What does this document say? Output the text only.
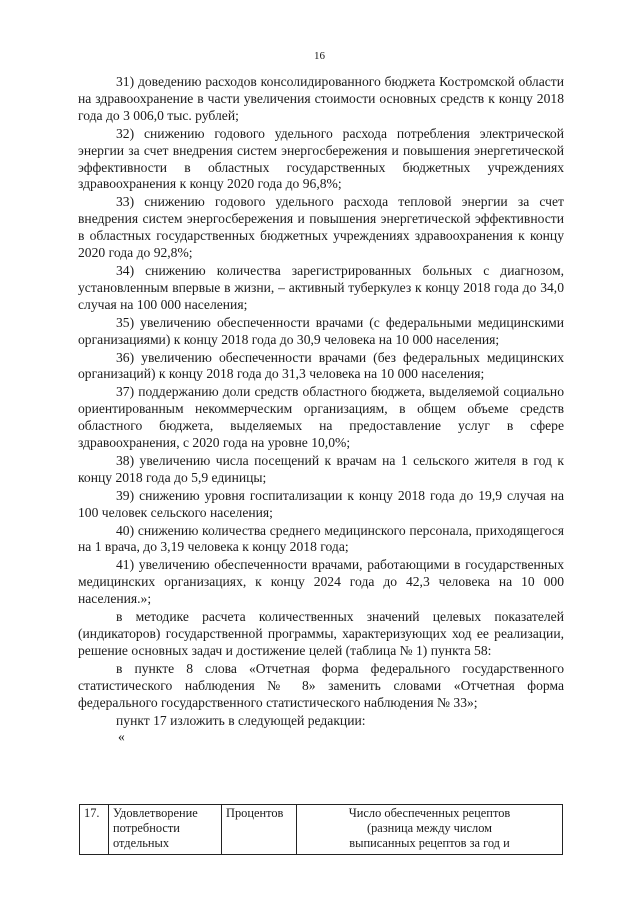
16

31) доведению расходов консолидированного бюджета Костромской области на здравоохранение в части увеличения стоимости основных средств к концу 2018 года до 3 006,0 тыс. рублей;

32) снижению годового удельного расхода потребления электрической энергии за счет внедрения систем энергосбережения и повышения энергетической эффективности в областных государственных бюджетных учреждениях здравоохранения к концу 2020 года до 96,8%;

33) снижению годового удельного расхода тепловой энергии за счет внедрения систем энергосбережения и повышения энергетической эффективности в областных государственных бюджетных учреждениях здравоохранения к концу 2020 года до 92,8%;

34) снижению количества зарегистрированных больных с диагнозом, установленным впервые в жизни, – активный туберкулез к концу 2018 года до 34,0 случая на 100 000 населения;

35) увеличению обеспеченности врачами (с федеральными медицинскими организациями) к концу 2018 года до 30,9 человека на 10 000 населения;

36) увеличению обеспеченности врачами (без федеральных медицинских организаций) к концу 2018 года до 31,3 человека на 10 000 населения;

37) поддержанию доли средств областного бюджета, выделяемой социально ориентированным некоммерческим организациям, в общем объеме средств областного бюджета, выделяемых на предоставление услуг в сфере здравоохранения, с 2020 года на уровне 10,0%;

38) увеличению числа посещений к врачам на 1 сельского жителя в год к концу 2018 года до 5,9 единицы;

39) снижению уровня госпитализации к концу 2018 года до 19,9 случая на 100 человек сельского населения;

40) снижению количества среднего медицинского персонала, приходящегося на 1 врача, до 3,19 человека к концу 2018 года;

41) увеличению обеспеченности врачами, работающими в государственных медицинских организациях, к концу 2024 года до 42,3 человека на 10 000 населения.»;

в методике расчета количественных значений целевых показателей (индикаторов) государственной программы, характеризующих ход ее реализации, решение основных задач и достижение целей (таблица № 1) пункта 58:

в пункте 8 слова «Отчетная форма федерального государственного статистического наблюдения № 8» заменить словами «Отчетная форма федерального государственного статистического наблюдения № 33»;

пункт 17 изложить в следующей редакции:

«
17.	Удовлетворение потребности отдельных	Процентов	Число обеспеченных рецептов
(разница между числом
выписанных рецептов за год и
